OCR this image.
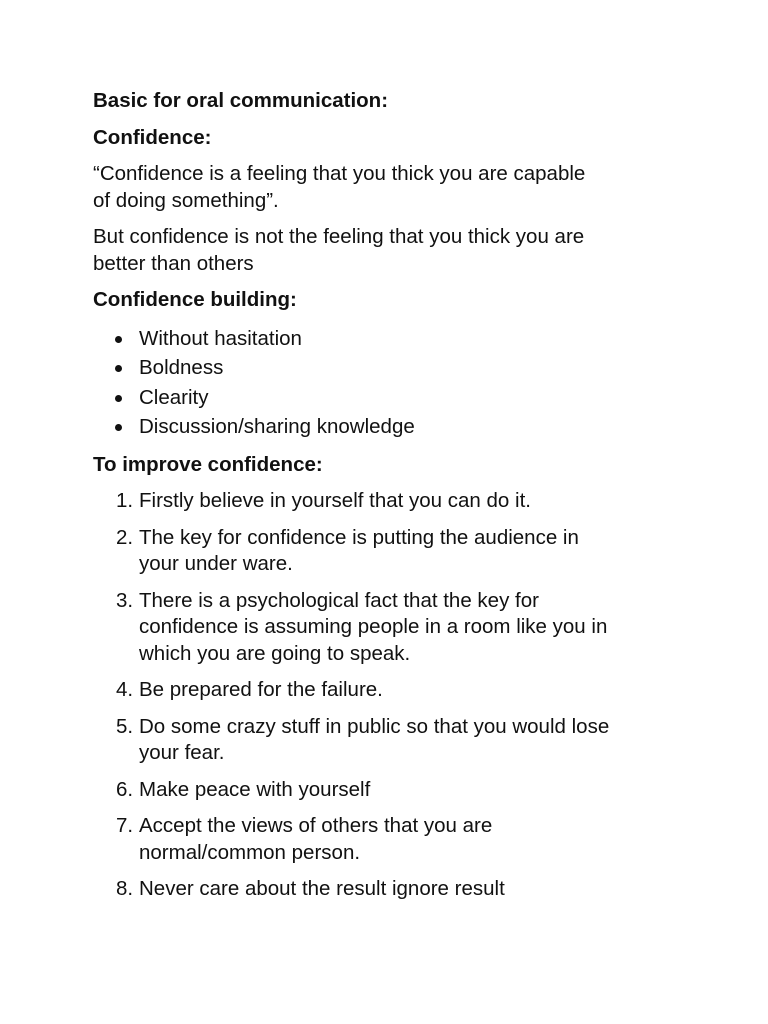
Basic for oral communication:
Confidence:
“Confidence is a feeling that you thick you are capable
of doing something”.
But confidence is not the feeling that you thick you are
better than others
Confidence building:
Without hasitation
Boldness
Clearity
Discussion/sharing knowledge
To improve confidence:
1. Firstly believe in yourself that you can do it.
2. The key for confidence is putting the audience in
your under ware.
3. There is a psychological fact that the key for
confidence is assuming people in a room like you in
which you are going to speak.
4. Be prepared for the failure.
5. Do some crazy stuff in public so that you would lose
your fear.
6. Make peace with yourself
7. Accept the views of others that you are
normal/common person.
8. Never care about the result ignore result
